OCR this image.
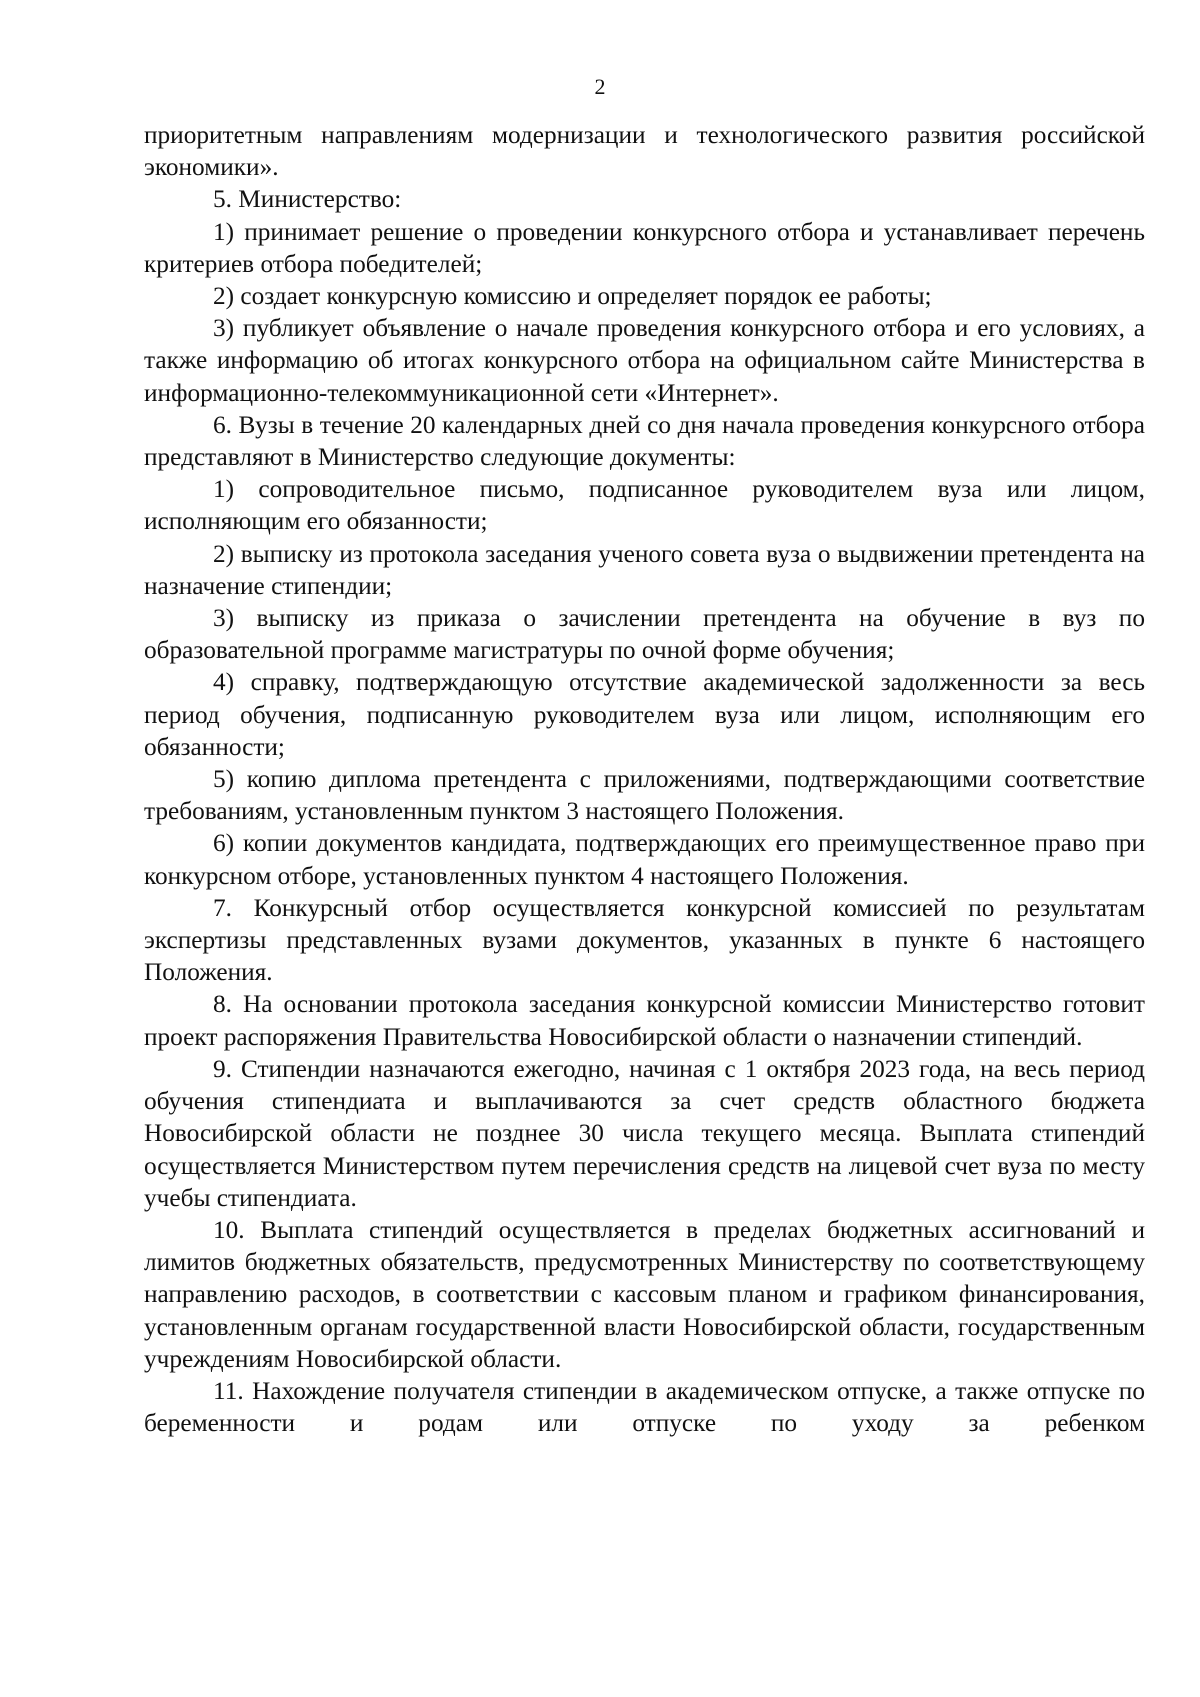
2

приоритетным направлениям модернизации и технологического развития российской экономики».

5. Министерство:

1) принимает решение о проведении конкурсного отбора и устанавливает перечень критериев отбора победителей;

2) создает конкурсную комиссию и определяет порядок ее работы;

3) публикует объявление о начале проведения конкурсного отбора и его условиях, а также информацию об итогах конкурсного отбора на официальном сайте Министерства в информационно-телекоммуникационной сети «Интернет».

6. Вузы в течение 20 календарных дней со дня начала проведения конкурсного отбора представляют в Министерство следующие документы:

1) сопроводительное письмо, подписанное руководителем вуза или лицом, исполняющим его обязанности;

2) выписку из протокола заседания ученого совета вуза о выдвижении претендента на назначение стипендии;

3) выписку из приказа о зачислении претендента на обучение в вуз по образовательной программе магистратуры по очной форме обучения;

4) справку, подтверждающую отсутствие академической задолженности за весь период обучения, подписанную руководителем вуза или лицом, исполняющим его обязанности;

5) копию диплома претендента с приложениями, подтверждающими соответствие требованиям, установленным пунктом 3 настоящего Положения.

6) копии документов кандидата, подтверждающих его преимущественное право при конкурсном отборе, установленных пунктом 4 настоящего Положения.

7. Конкурсный отбор осуществляется конкурсной комиссией по результатам экспертизы представленных вузами документов, указанных в пункте 6 настоящего Положения.

8. На основании протокола заседания конкурсной комиссии Министерство готовит проект распоряжения Правительства Новосибирской области о назначении стипендий.

9. Стипендии назначаются ежегодно, начиная с 1 октября 2023 года, на весь период обучения стипендиата и выплачиваются за счет средств областного бюджета Новосибирской области не позднее 30 числа текущего месяца. Выплата стипендий осуществляется Министерством путем перечисления средств на лицевой счет вуза по месту учебы стипендиата.

10. Выплата стипендий осуществляется в пределах бюджетных ассигнований и лимитов бюджетных обязательств, предусмотренных Министерству по соответствующему направлению расходов, в соответствии с кассовым планом и графиком финансирования, установленным органам государственной власти Новосибирской области, государственным учреждениям Новосибирской области.

11. Нахождение получателя стипендии в академическом отпуске, а также отпуске по беременности и родам или отпуске по уходу за ребенком
